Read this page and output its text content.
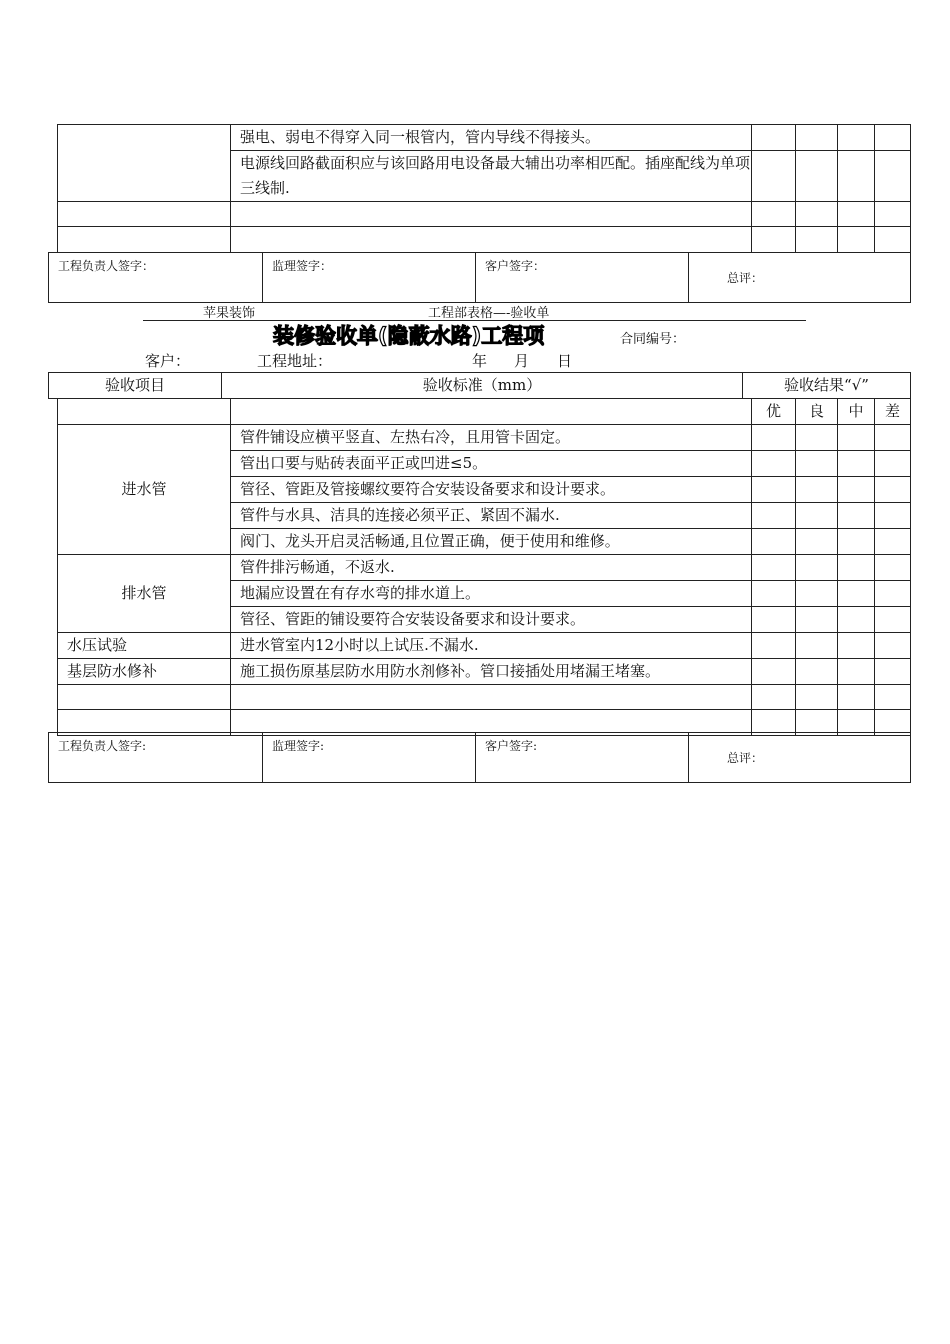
	强电、弱电不得穿入同一根管内，管内导线不得接头。				
	电源线回路截面积应与该回路用电设备最大辅出功率相匹配。插座配线为单项三线制.				

工程负责人签字：	监理签字：	客户签字：	总评：
苹果装饰	工程部表格—-验收单
装修验收单(隐蔽水路)工程项	合同编号：
客户：	工程地址：	年 月 日
验收项目	验收标准（mm）	验收结果“√”
		优	良	中	差
进水管	管件铺设应横平竖直、左热右冷，且用管卡固定。				
	管出口要与贴砖表面平正或凹进≤5。				
	管径、管距及管接螺纹要符合安装设备要求和设计要求。				
	管件与水具、洁具的连接必须平正、紧固不漏水.				
	阀门、龙头开启灵活畅通,且位置正确，便于使用和维修。				
排水管	管件排污畅通，不返水.				
	地漏应设置在有存水弯的排水道上。				
	管径、管距的铺设要符合安装设备要求和设计要求。				
水压试验	进水管室内12小时以上试压.不漏水.				
基层防水修补	施工损伤原基层防水用防水剂修补。管口接插处用堵漏王堵塞。				

工程负责人签字:	监理签字:	客户签字:	总评：
